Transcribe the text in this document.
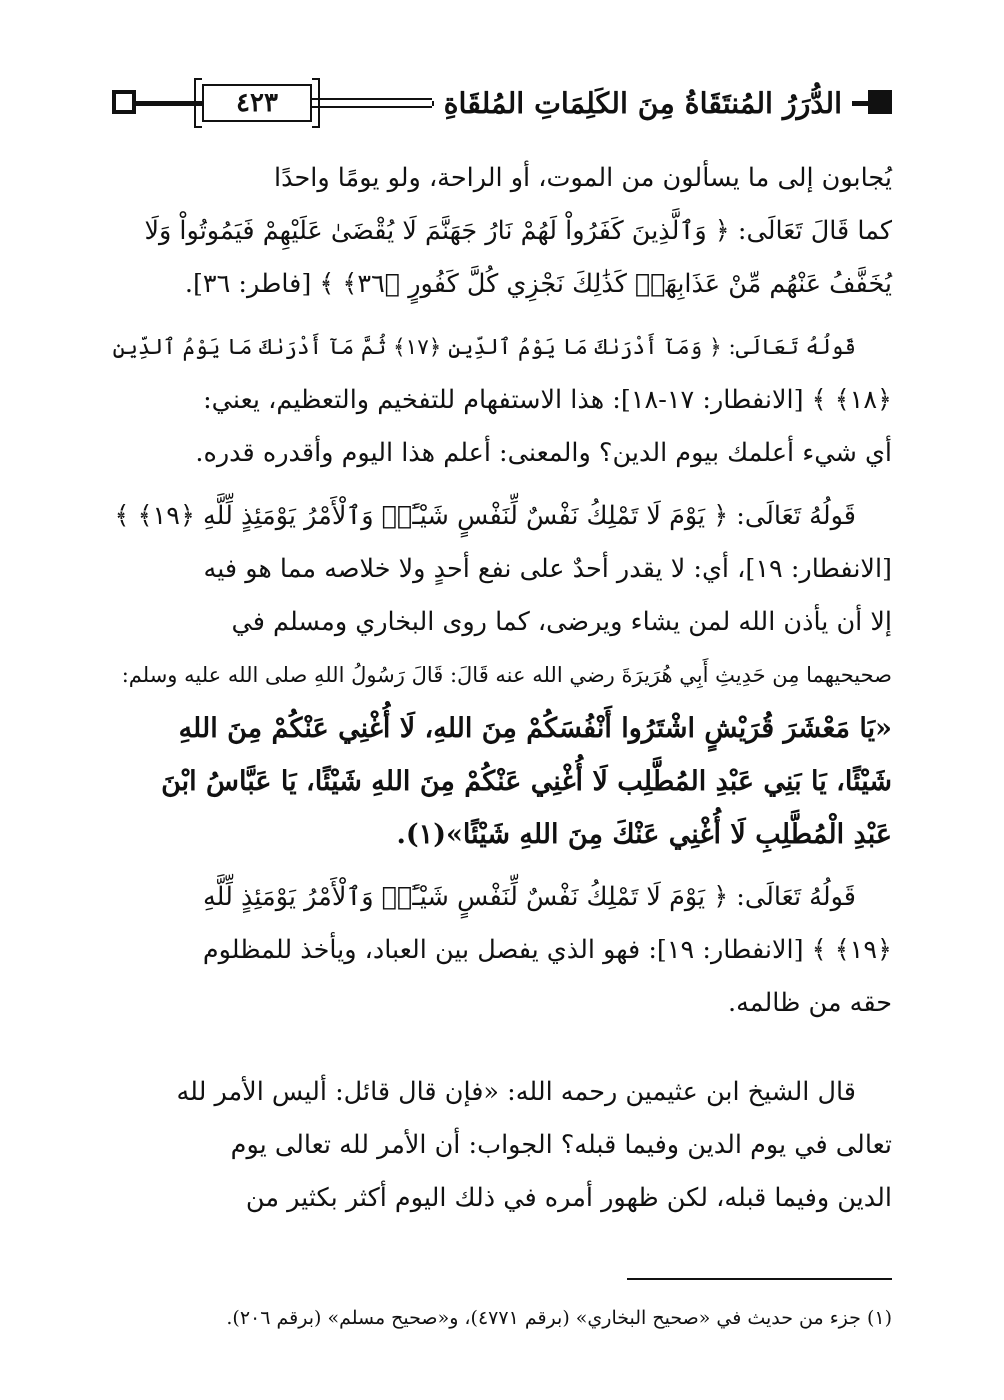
٤٢٣	الدُّرَرُ المُنتَقَاةُ مِنَ الكَلِمَاتِ المُلقَاةِ
يُجابون إلى ما يسألون من الموت، أو الراحة، ولو يومًا واحدًا
كما قَالَ تَعَالَى: ﴿ وَٱلَّذِينَ كَفَرُواْ لَهُمْ نَارُ جَهَنَّمَ لَا يُقْضَىٰ عَلَيْهِمْ فَيَمُوتُواْ وَلَا
يُخَفَّفُ عَنْهُم مِّنْ عَذَابِهَاۚ كَذَٰلِكَ نَجْزِي كُلَّ كَفُورٍ ﴿٣٦﴾ ﴾ [فاطر: ٣٦].
قَولُهُ تَعَالَى: ﴿ وَمَآ أَدْرَىٰكَ مَا يَوْمُ ٱلدِّينِ ﴿١٧﴾ ثُمَّ مَآ أَدْرَىٰكَ مَا يَوْمُ ٱلدِّينِ
﴿١٨﴾ ﴾ [الانفطار: ١٧-١٨]: هذا الاستفهام للتفخيم والتعظيم، يعني:
أي شيء أعلمك بيوم الدين؟ والمعنى: أعلم هذا اليوم وأقدره قدره.
قَولُهُ تَعَالَى: ﴿ يَوْمَ لَا تَمْلِكُ نَفْسٌ لِّنَفْسٍ شَيْـًٔاۖ وَٱلْأَمْرُ يَوْمَئِذٍ لِّلَّهِ ﴿١٩﴾ ﴾
[الانفطار: ١٩]، أي: لا يقدر أحدٌ على نفع أحدٍ ولا خلاصه مما هو فيه
إلا أن يأذن الله لمن يشاء ويرضى، كما روى البخاري ومسلم في
صحيحيهما مِن حَدِيثِ أَبِي هُرَيرَةَ رضي الله عنه قَالَ: قَالَ رَسُولُ اللهِ صلى الله عليه وسلم:
«يَا مَعْشَرَ قُرَيْشٍ اشْتَرُوا أَنْفُسَكُمْ مِنَ اللهِ، لَا أُغْنِي عَنْكُمْ مِنَ اللهِ
شَيْئًا، يَا بَنِي عَبْدِ المُطَّلِب لَا أُغْنِي عَنْكُمْ مِنَ اللهِ شَيْئًا، يَا عَبَّاسُ ابْنَ
عَبْدِ الْمُطَّلِبِ لَا أُغْنِي عَنْكَ مِنَ اللهِ شَيْئًا»(١).
قَولُهُ تَعَالَى: ﴿ يَوْمَ لَا تَمْلِكُ نَفْسٌ لِّنَفْسٍ شَيْـًٔاۖ وَٱلْأَمْرُ يَوْمَئِذٍ لِّلَّهِ
﴿١٩﴾ ﴾ [الانفطار: ١٩]: فهو الذي يفصل بين العباد، ويأخذ للمظلوم
حقه من ظالمه.
قال الشيخ ابن عثيمين رحمه الله: «فإن قال قائل: أليس الأمر لله
تعالى في يوم الدين وفيما قبله؟ الجواب: أن الأمر لله تعالى يوم
الدين وفيما قبله، لكن ظهور أمره في ذلك اليوم أكثر بكثير من
(١) جزء من حديث في «صحيح البخاري» (برقم ٤٧٧١)، و«صحيح مسلم» (برقم ٢٠٦).
